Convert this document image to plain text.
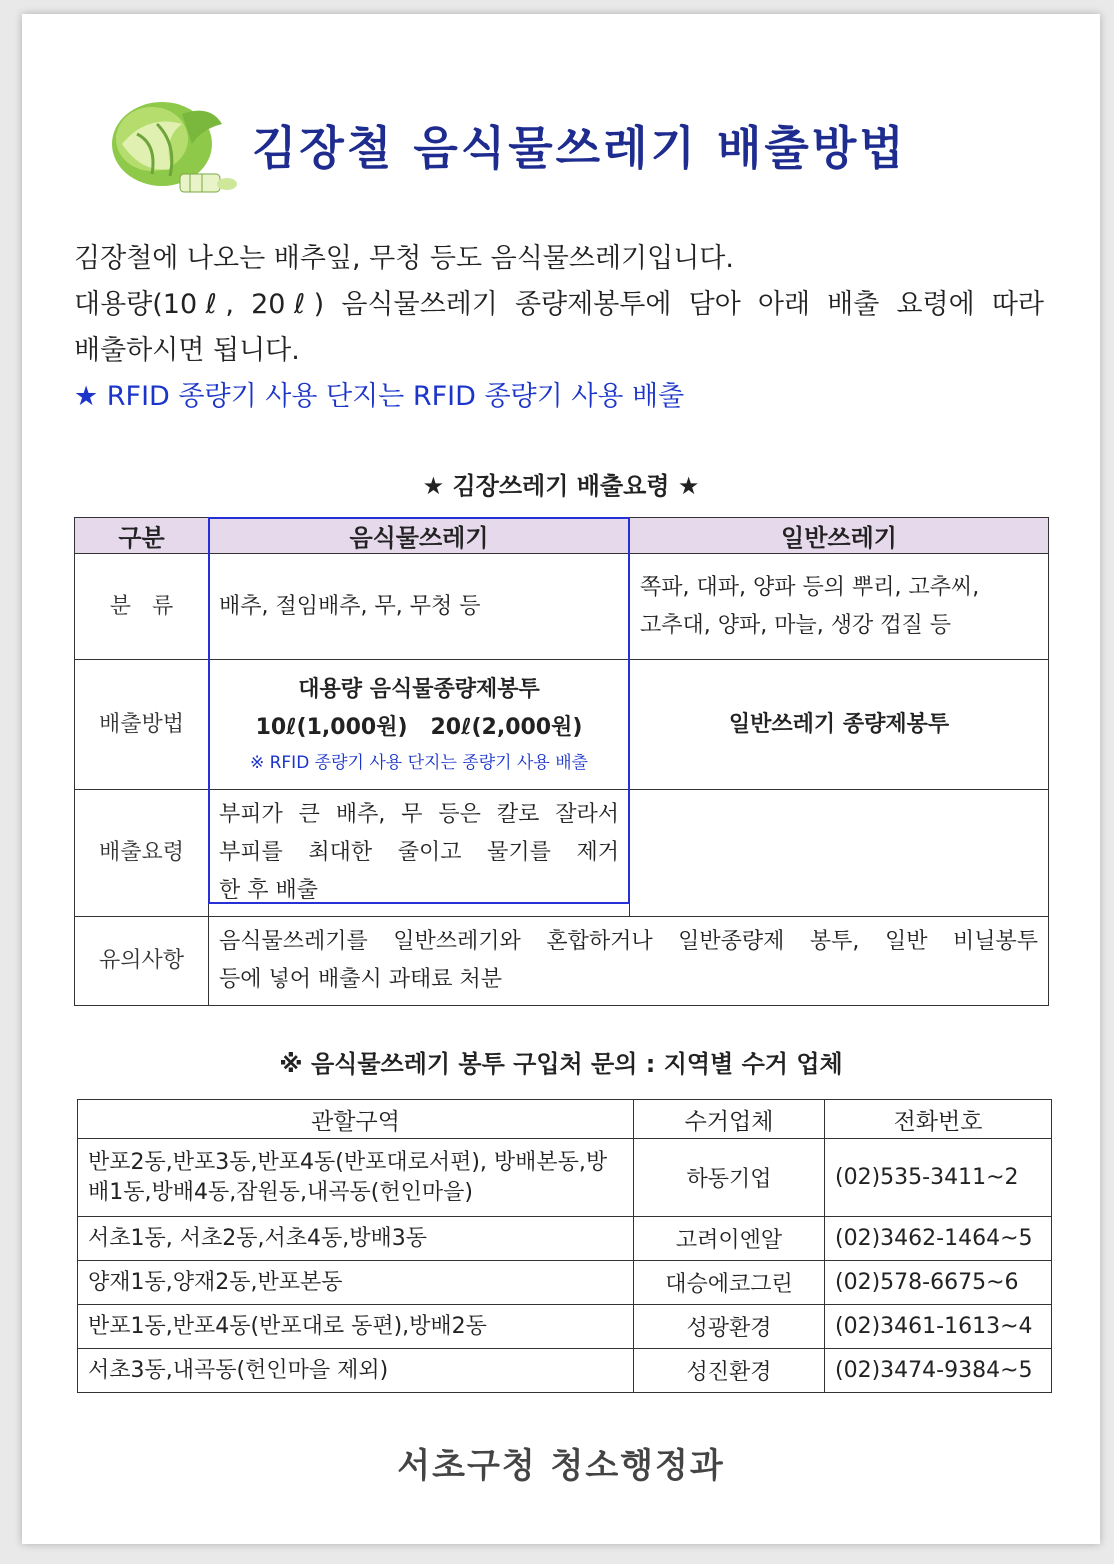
김장철 음식물쓰레기 배출방법

김장철에 나오는 배추잎, 무청 등도 음식물쓰레기입니다.

대용량(10ℓ, 20ℓ) 음식물쓰레기 종량제봉투에 담아 아래 배출 요령에 따라

배출하시면 됩니다.

★ RFID 종량기 사용 단지는 RFID 종량기 사용 배출

★ 김장쓰레기 배출요령 ★
구분	음식물쓰레기	일반쓰레기
분   류	배추, 절임배추, 무, 무청 등	쪽파, 대파, 양파 등의 뿌리, 고추씨,
고추대, 양파, 마늘, 생강 껍질 등

배출방법	대용량 음식물종량제봉투
10ℓ(1,000원)   20ℓ(2,000원)
※ RFID 종량기 사용 단지는 종량기 사용 배출	일반쓰레기 종량제봉투
배출요령	부피가 큰 배추, 무 등은 칼로 잘라서
부피를 최대한 줄이고 물기를 제거
한 후 배출	

유의사항	음식물쓰레기를 일반쓰레기와 혼합하거나 일반종량제 봉투, 일반 비닐봉투
등에 넣어 배출시 과태료 처분	
※ 음식물쓰레기 봉투 구입처 문의 : 지역별 수거 업체
관할구역	수거업체	전화번호
반포2동,반포3동,반포4동(반포대로서편), 방배본동,방배1동,방배4동,잠원동,내곡동(헌인마을)	하동기업	(02)535-3411~2
서초1동, 서초2동,서초4동,방배3동	고려이엔알	(02)3462-1464~5
양재1동,양재2동,반포본동	대승에코그린	(02)578-6675~6
반포1동,반포4동(반포대로 동편),방배2동	성광환경	(02)3461-1613~4
서초3동,내곡동(헌인마을 제외)	성진환경	(02)3474-9384~5
서초구청 청소행정과
